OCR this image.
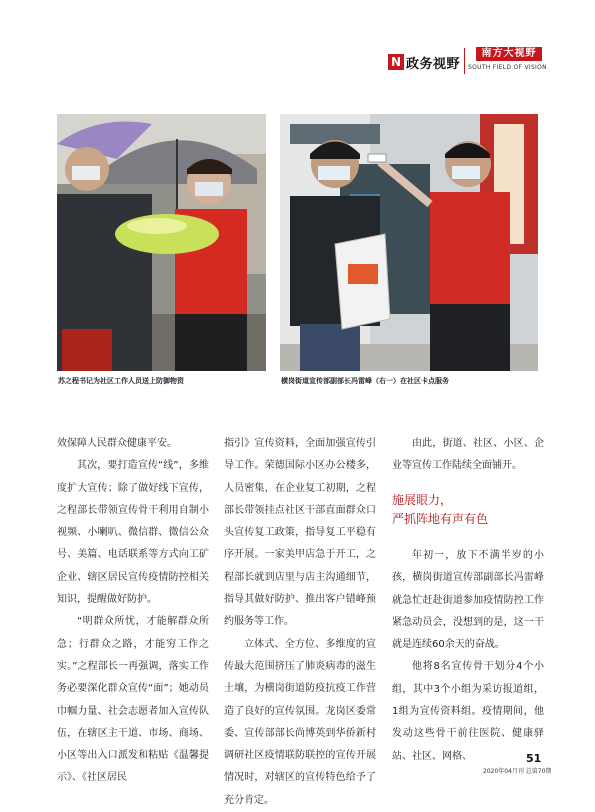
N 政务视野
南方大视野
SOUTH FIELD OF VISION
苏之程书记为社区工作人员送上防御物资	横岗街道宣传部副部长冯雷峰（右一）在社区卡点服务

效保障人民群众健康平安。

其次，要打造宣传“线”，多维度扩大宣传；除了做好线下宣传，之程部长带领宣传骨干利用自制小视频、小喇叭、微信群、微信公众号、美篇、电话联系等方式向工矿企业、辖区居民宣传疫情防控相关知识，提醒做好防护。

“明群众所忧，才能解群众所急；行群众之路，才能穷工作之实。”之程部长一再强调，落实工作务必要深化群众宣传“面”；她动员巾帼力量、社会志愿者加入宣传队伍，在辖区主干道、市场、商场、小区等出入口派发和粘贴《温馨提示》、《社区居民

指引》宣传资料，全面加强宣传引导工作。荣德国际小区办公楼多，人员密集，在企业复工初期，之程部长带领挂点社区干部直面群众口头宣传复工政策，指导复工平稳有序开展。一家美甲店急于开工，之程部长就到店里与店主沟通细节，指导其做好防护、推出客户错峰预约服务等工作。

立体式、全方位、多维度的宣传最大范围挤压了肺炎病毒的滋生土壤，为横岗街道防疫抗疫工作营造了良好的宣传氛围。龙岗区委常委、宣传部部长尚博英到华侨新村调研社区疫情联防联控的宣传开展情况时，对辖区的宣传特色给予了充分肯定。

由此，街道、社区、小区、企业等宣传工作陆续全面铺开。

施展眼力，
严抓阵地有声有色

年初一，放下不满半岁的小孩，横岗街道宣传部副部长冯雷峰就急忙赶赴街道参加疫情防控工作紧急动员会，没想到的是，这一干就是连续60余天的奋战。

他将8名宣传骨干划分4个小组，其中3个小组为采访报道组，1组为宣传资料组。疫情期间，他发动这些骨干前往医院、健康驿站、社区、网格、	51
2020年04月刊 总第70期
